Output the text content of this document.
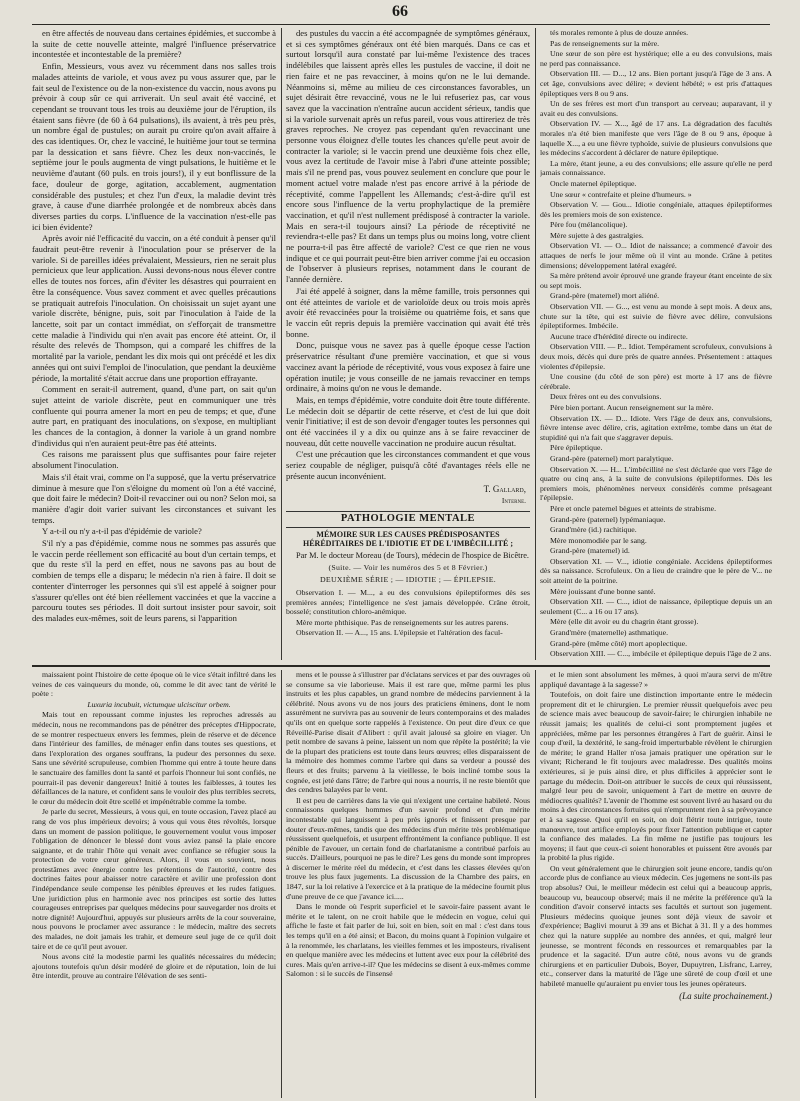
66

en être affectés de nouveau dans certaines épidémies, et succombe à la suite de cette nouvelle atteinte, malgré l'influence préservatrice incontestée et incontestable de la première?

Enfin, Messieurs, vous avez vu récemment dans nos salles trois malades atteints de variole, et vous avez pu vous assurer que, par le fait seul de l'existence ou de la non-existence du vaccin, nous avons pu prévoir à coup sûr ce qui arriverait. Un seul avait été vacciné, et cependant se trouvant tous les trois au deuxième jour de l'éruption, ils étaient sans fièvre (de 60 à 64 pulsations), ils avaient, à très peu près, un nombre égal de pustules; on aurait pu croire qu'on avait affaire à des cas identiques. Or, chez le vacciné, le huitième jour tout se termina par la dessication et sans fièvre. Chez les deux non-vaccinés, le septième jour le pouls augmenta de vingt pulsations, le huitième et le neuvième d'autant (60 puls. en trois jours!), il y eut bonflissure de la face, douleur de gorge, agitation, accablement, augmentation considérable des pustules; et chez l'un d'eux, la maladie devint très grave, à cause d'une diarrhée prolongée et de nombreux abcès dans diverses parties du corps. L'influence de la vaccination n'est-elle pas ici bien évidente?

Après avoir nié l'efficacité du vaccin, on a été conduit à penser qu'il faudrait peut-être revenir à l'inoculation pour se préserver de la variole. Si de pareilles idées prévalaient, Messieurs, rien ne serait plus pernicieux que leur application. Aussi devons-nous nous élever contre elles de toutes nos forces, afin d'éviter les désastres qui pourraient en être la conséquence. Vous savez comment et avec quelles précautions se pratiquait autrefois l'inoculation. On choisissait un sujet ayant une variole discrète, bénigne, puis, soit par l'inoculation à l'aide de la lancette, soit par un contact immédiat, on s'efforçait de transmettre cette maladie à l'individu qui n'en avait pas encore été atteint. Or, il résulte des relevés de Thompson, qui a comparé les chiffres de la mortalité par la variole, pendant les dix mois qui ont précédé et les dix années qui ont suivi l'emploi de l'inoculation, que pendant la deuxième période, la mortalité s'était accrue dans une proportion effrayante.

Comment en serait-il autrement, quand, d'une part, on sait qu'un sujet atteint de variole discrète, peut en communiquer une très confluente qui pourra amener la mort en peu de temps; et que, d'une autre part, en pratiquant des inoculations, on s'expose, en multipliant les chances de la contagion, à donner la variole à un grand nombre d'individus qui n'en auraient peut-être pas été atteints.

Ces raisons me paraissent plus que suffisantes pour faire rejeter absolument l'inoculation.

Mais s'il était vrai, comme on l'a supposé, que la vertu préservatrice diminue à mesure que l'on s'éloigne du moment où l'on a été vacciné, que doit faire le médecin? Doit-il revacciner oui ou non? Selon moi, sa manière d'agir doit varier suivant les circonstances et suivant les temps.

Y a-t-il ou n'y a-t-il pas d'épidémie de variole?

S'il n'y a pas d'épidémie, comme nous ne sommes pas assurés que le vaccin perde réellement son efficacité au bout d'un certain temps, et que du reste s'il la perd en effet, nous ne savons pas au bout de combien de temps elle a disparu; le médecin n'a rien à faire. Il doit se contenter d'interroger les personnes qui s'il est appelé à soigner pour s'assurer qu'elles ont été bien réellement vaccinées et que la vaccine a parcouru toutes ses périodes. Il doit surtout insister pour savoir, soit des malades eux-mêmes, soit de leurs parens, si l'apparition

des pustules du vaccin a été accompagnée de symptômes généraux, et si ces symptômes généraux ont été bien marqués. Dans ce cas et surtout lorsqu'il aura constaté par lui-même l'existence des traces indélébiles que laissent après elles les pustules de vaccine, il doit ne rien faire et ne pas revacciner, à moins qu'on ne le lui demande. Néanmoins si, même au milieu de ces circonstances favorables, un sujet désirait être revacciné, vous ne le lui refuseriez pas, car vous savez que la vaccination n'entraîne aucun accident sérieux, tandis que si la variole survenait après un refus pareil, vous vous attireriez de très graves reproches. Ne croyez pas cependant qu'en revaccinant une personne vous éloignez d'elle toutes les chances qu'elle peut avoir de contracter la variole; si le vaccin prend une deuxième fois chez elle, vous avez la certitude de l'avoir mise à l'abri d'une atteinte possible; mais s'il ne prend pas, vous pouvez seulement en conclure que pour le moment actuel votre malade n'est pas encore arrivé à la période de réceptivité, comme l'appellent les Allemands; c'est-à-dire qu'il est encore sous l'influence de la vertu prophylactique de la première vaccination, et qu'il n'est nullement prédisposé à contracter la variole. Mais en sera-t-il toujours ainsi? La période de réceptivité ne reviendra-t-elle pas? Et dans un temps plus ou moins long, votre client ne pourra-t-il pas être affecté de variole? C'est ce que rien ne vous indique et ce qui pourrait peut-être bien arriver comme j'ai eu occasion de l'observer à plusieurs reprises, notamment dans le courant de l'année dernière.

J'ai été appelé à soigner, dans la même famille, trois personnes qui ont été atteintes de variole et de varioloïde deux ou trois mois après avoir été revaccinées pour la troisième ou quatrième fois, et sans que le vaccin eût repris depuis la première vaccination qui avait été très bonne.

Donc, puisque vous ne savez pas à quelle époque cesse l'action préservatrice résultant d'une première vaccination, et que si vous vaccinez avant la période de réceptivité, vous vous exposez à faire une opération inutile; je vous conseille de ne jamais revacciner en temps ordinaire, à moins qu'on ne vous le demande.

Mais, en temps d'épidémie, votre conduite doit être toute différente. Le médecin doit se départir de cette réserve, et c'est de lui que doit venir l'initiative; il est de son devoir d'engager toutes les personnes qui ont été vaccinées il y a dix ou quinze ans à se faire revacciner de nouveau, dût cette nouvelle vaccination ne produire aucun résultat.

C'est une précaution que les circonstances commandent et que vous seriez coupable de négliger, puisqu'à côté d'avantages réels elle ne présente aucun inconvénient.

T. Gallard,
Interne.
PATHOLOGIE MENTALE
MÉMOIRE SUR LES CAUSES PRÉDISPOSANTES HÉRÉDITAIRES DE L'IDIOTIE ET DE L'IMBÉCILLITÉ ;
Par M. le docteur Moreau (de Tours), médecin de l'hospice de Bicêtre.
(Suite. — Voir les numéros des 5 et 8 Février.)
DEUXIÈME SÉRIE ; — IDIOTIE ; — ÉPILEPSIE.

Observation I. — M..., a eu des convulsions épileptiformes dès ses premières années; l'intelligence ne s'est jamais développée. Crâne étroit, bosselé; constitution chloro-anémique.

Mère morte phthisique. Pas de renseignements sur les autres parens.

Observation II. — A..., 15 ans. L'épilepsie et l'altération des facul-

tés morales remonte à plus de douze années.

Pas de renseignements sur la mère.

Une sœur de son père est hystérique; elle a eu des convulsions, mais ne perd pas connaissance.

Observation III. — D..., 12 ans. Bien portant jusqu'à l'âge de 3 ans. A cet âge, convulsions avec délire; « devient hébété; » est pris d'attaques épileptiques vers 8 ou 9 ans.

Un de ses frères est mort d'un transport au cerveau; auparavant, il y avait eu des convulsions.

Observation IV. — X..., âgé de 17 ans. La dégradation des facultés morales n'a été bien manifeste que vers l'âge de 8 ou 9 ans, époque à laquelle X..., a eu une fièvre typhoïde, suivie de plusieurs convulsions que les médecins s'accordent à déclarer de nature épileptique.

La mère, étant jeune, a eu des convulsions; elle assure qu'elle ne perd jamais connaissance.

Oncle maternel épileptique.

Une sœur « contrefaite et pleine d'humeurs. »

Observation V. — Gou... Idiotie congéniale, attaques épileptiformes dès les premiers mois de son existence.

Père fou (mélancolique).

Mère sujette à des gastralgies.

Observation VI. — O... Idiot de naissance; a commencé d'avoir des attaques de nerfs le jour même où il vint au monde. Crâne à petites dimensions; développement latéral exagéré.

Sa mère prétend avoir éprouvé une grande frayeur étant enceinte de six ou sept mois.

Grand-père (maternel) mort aliéné.

Observation VII. — G..., est venu au monde à sept mois. A deux ans, chute sur la tête, qui est suivie de fièvre avec délire, convulsions épileptiformes. Imbécile.

Aucune trace d'hérédité directe ou indirecte.

Observation VIII. — P... Idiot. Tempérament scrofuleux, convulsions à deux mois, décès qui dure près de quatre années. Présentement : attaques violentes d'épilepsie.

Une cousine (du côté de son père) est morte à 17 ans de fièvre cérébrale.

Deux frères ont eu des convulsions.

Père bien portant. Aucun renseignement sur la mère.

Observation IX. — D... Idiote. Vers l'âge de deux ans, convulsions, fièvre intense avec délire, cris, agitation extrême, tombe dans un état de stupidité qui n'a fait que s'aggraver depuis.

Père épileptique.

Grand-père (paternel) mort paralytique.

Observation X. — H... L'imbécillité ne s'est déclarée que vers l'âge de quatre ou cinq ans, à la suite de convulsions épileptiformes. Dès les premiers mois, phénomènes nerveux considérés comme présageant l'épilepsie.

Père et oncle paternel bègues et atteints de strabisme.

Grand-père (paternel) lypémaniaque.

Grand'mère (id.) rachitique.

Mère monomodiée par le sang.

Grand-père (maternel) id.

Observation XI. — V..., idiotie congéniale. Accidens épileptiformes dès sa naissance. Scrofuleux. On a lieu de craindre que le père de V... ne soit atteint de la poitrine.

Mère jouissant d'une bonne santé.

Observation XII. — C..., idiot de naissance, épileptique depuis un an seulement (C... a 16 ou 17 ans).

Mère (elle dit avoir eu du chagrin étant grosse).

Grand'mère (maternelle) asthmatique.

Grand-père (même côté) mort apoplectique.

Observation XIII. — C..., imbécile et épileptique depuis l'âge de 2 ans.

maissaient point l'histoire de cette époque où le vice s'était infiltré dans les veines de ces vainqueurs du monde, où, comme le dit avec tant de vérité le poète :

Luxuria incubuit, victumque ulciscitur orbem.

Mais tout en repoussant comme injustes les reproches adressés au médecin, nous ne recommandons pas de pénétrer des préceptes d'Hippocrate, de se montrer respectueux envers les femmes, plein de réserve et de décence dans l'intérieur des familles, de ménager enfin dans toutes ses questions, et dans l'exploration des organes souffrans, la pudeur des personnes du sexe. Sans une sévérité scrupuleuse, combien l'homme qui entre à toute heure dans le sanctuaire des familles dont la santé et parfois l'honneur lui sont confiés, ne pourrait-il pas devenir dangereux! Initié à toutes les faiblesses, à toutes les défaillances de la nature, et confident sans le vouloir des plus terribles secrets, le cœur du médecin doit être scellé et impénétrable comme la tombe.

Je parle du secret, Messieurs, à vous qui, en toute occasion, l'avez placé au rang de vos plus impérieux devoirs; à vous qui vous êtes révoltés, lorsque dans un moment de passion politique, le gouvernement voulut vous imposer l'obligation de dénoncer le blessé dont vous aviez pansé la plaie encore saignante, et de trahir l'hôte qui venait avec confiance se réfugier sous la protection de votre cœur généreux. Alors, il vous en souvient, nous protestâmes avec énergie contre les prétentions de l'autorité, contre des doctrines faites pour abaisser notre caractère et avilir une profession dont l'indépendance seule compense les pénibles épreuves et les rudes fatigues. Une juridiction plus en harmonie avec nos principes est sortie des luttes courageuses entreprises par quelques médecins pour sauvegarder nos droits et notre dignité! Aujourd'hui, appuyés sur plusieurs arrêts de la cour souveraine, nous pouvons le proclamer avec assurance : le médecin, maître des secrets des malades, ne doit jamais les trahir, et demeure seul juge de ce qu'il doit taire et de ce qu'il peut avouer.

Nous avons cité la modestie parmi les qualités nécessaires du médecin; ajoutons toutefois qu'un désir modéré de gloire et de réputation, loin de lui être interdit, prouve au contraire l'élévation de ses senti-

mens et le pousse à s'illustrer par d'éclatans services et par des ouvrages où se consume sa vie laborieuse. Mais il est rare que, même parmi les plus instruits et les plus capables, un grand nombre de médecins parviennent à la célébrité. Nous avons vu de nos jours des praticiens éminens, dont le nom assurément ne survivra pas au souvenir de leurs contemporains et des malades qu'ils ont en quelque sorte rappelés à l'existence. On peut dire d'eux ce que Réveillé-Parise disait d'Alibert : qu'il avait jalousé sa gloire en viager. Un petit nombre de savans à peine, laissent un nom que répète la postérité; la vie de la plupart des praticiens est toute dans leurs œuvres; elles disparaissent de la mémoire des hommes comme l'arbre qui dans sa verdeur a poussé des fleurs et des fruits; parvenu à la vieillesse, le bois incliné tombe sous la cognée, est jeté dans l'âtre; de l'arbre qui nous a nourris, il ne reste bientôt que des cendres balayées par le vent.

Il est peu de carrières dans la vie qui n'exigent une certaine habileté. Nous connaissons quelques hommes d'un savoir profond et d'un mérite incontestable qui languissent à peu près ignorés et finissent presque par douter d'eux-mêmes, tandis que des médecins d'un mérite très problématique réussissent quelquefois, et usurpent effrontément la confiance publique. Il est pénible de l'avouer, un certain fond de charlatanisme a contribué parfois au succès. D'ailleurs, pourquoi ne pas le dire? Les gens du monde sont impropres à discerner le mérite réel du médecin, et c'est dans les classes élevées qu'on trouve les plus faux jugements. La discussion de la Chambre des pairs, en 1847, sur la loi relative à l'exercice et à la pratique de la médecine fournit plus d'une preuve de ce que j'avance ici.....

Dans le monde où l'esprit superficiel et le savoir-faire passent avant le mérite et le talent, on ne croit habile que le médecin en vogue, celui qui affiche le faste et fait parler de lui, soit en bien, soit en mal : c'est dans tous les temps qu'il en a été ainsi; et Bacon, du moins quant à l'opinion vulgaire et à la renommée, les charlatans, les vieilles femmes et les imposteurs, rivalisent en quelque manière avec les médecins et luttent avec eux pour la célébrité des cures. Mais qu'en arrive-t-il? Que les médecins se disent à eux-mêmes comme Salomon : si le succès de l'insensé

et le mien sont absolument les mêmes, à quoi m'aura servi de m'être appliqué davantage à la sagesse? »

Toutefois, on doit faire une distinction importante entre le médecin proprement dit et le chirurgien. Le premier réussit quelquefois avec peu de science mais avec beaucoup de savoir-faire; le chirurgien inhabile ne réussit jamais; les qualités de celui-ci sont promptement jugées et appréciées, même par les personnes étrangères à l'art de guérir. Ainsi le coup d'œil, la dextérité, le sang-froid imperturbable révèlent le chirurgien de mérite; le grand Haller n'osa jamais pratiquer une opération sur le vivant; Richerand le fit toujours avec maladresse. Des qualités moins extérieures, si je puis ainsi dire, et plus difficiles à apprécier sont le partage du médecin. Doit-on attribuer le succès de ceux qui réussissent, malgré leur peu de savoir, uniquement à l'art de mettre en œuvre de médiocres qualités? L'avenir de l'homme est souvent livré au hasard ou du moins à des circonstances fortuites qui n'empruntent rien à sa prévoyance et à sa sagesse. Quoi qu'il en soit, on doit flétrir toute intrigue, toute manœuvre, tout artifice employés pour fixer l'attention publique et capter la confiance des malades. La fin même ne justifie pas toujours les moyens; il faut que ceux-ci soient honorables et puissent être avoués par la probité la plus rigide.

On veut généralement que le chirurgien soit jeune encore, tandis qu'on accorde plus de confiance au vieux médecin. Ces jugemens ne sont-ils pas trop absolus? Oui, le meilleur médecin est celui qui a beaucoup appris, beaucoup vu, beaucoup observé; mais il ne mérite la préférence qu'à la condition d'avoir conservé intacts ses facultés et surtout son jugement. Plusieurs médecins quoique jeunes sont déjà vieux de savoir et d'expérience; Baglivi mourut à 39 ans et Bichat à 31. Il y a des hommes chez qui la nature supplée au nombre des années, et qui, malgré leur jeunesse, se montrent féconds en ressources et remarquables par la prudence et la sagacité. D'un autre côté, nous avons vu de grands chirurgiens et en particulier Dubois, Boyer, Dupuytren, Lisfranc, Larrey, etc., conserver dans la maturité de l'âge une sûreté de coup d'œil et une habileté manuelle qu'auraient pu envier tous les jeunes opérateurs.

(La suite prochainement.)
